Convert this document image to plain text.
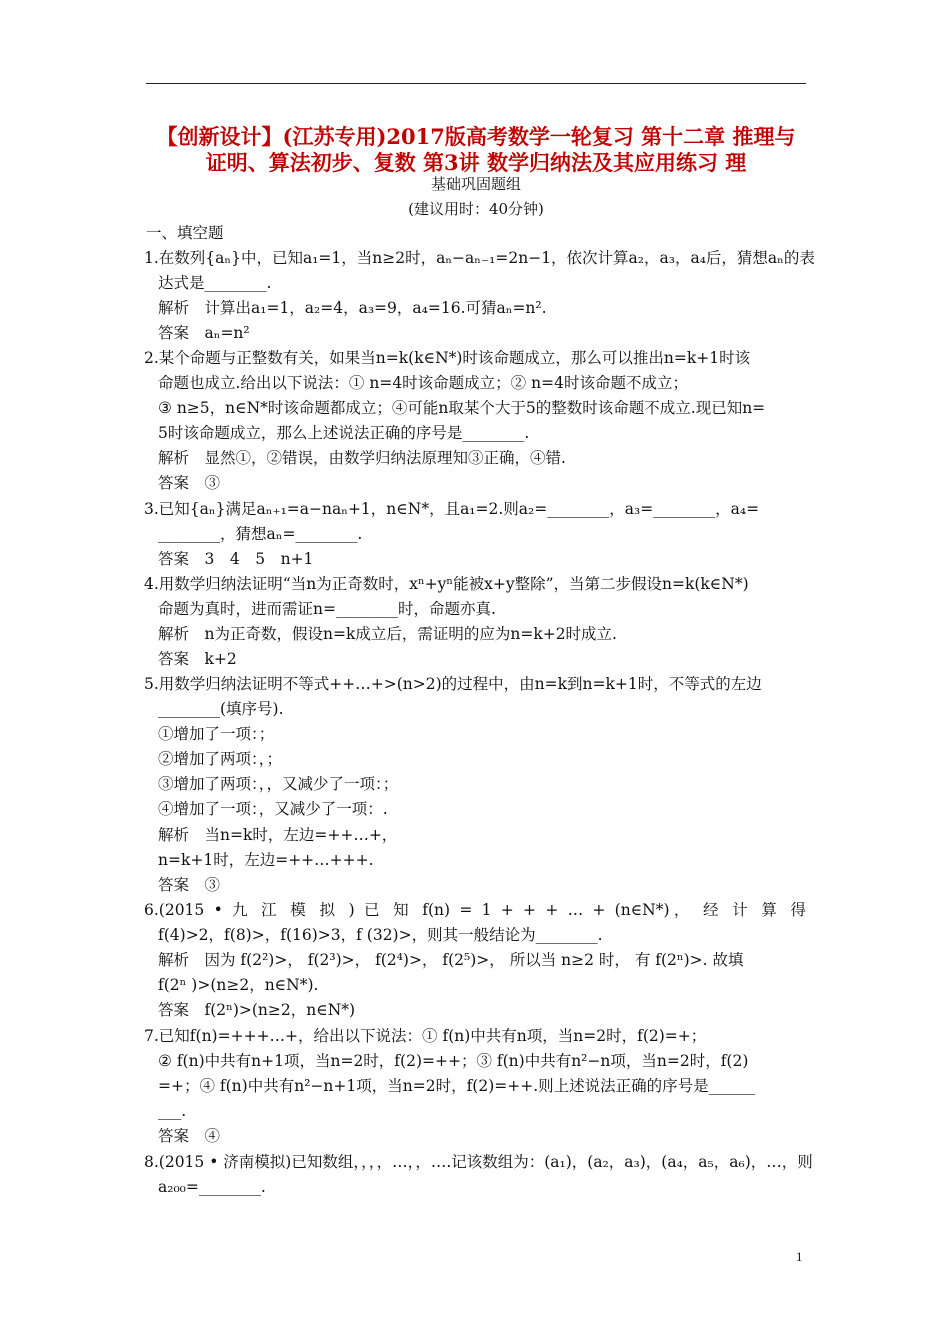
【创新设计】(江苏专用)2017版高考数学一轮复习 第十二章 推理与
证明、算法初步、复数 第3讲 数学归纳法及其应用练习 理
基础巩固题组
(建议用时：40分钟)
一、填空题
1.在数列{aₙ}中，已知a₁=1，当n≥2时，aₙ−aₙ₋₁=2n−1，依次计算a₂，a₃，a₄后，猜想aₙ的表
达式是________.
解析　计算出a₁=1，a₂=4，a₃=9，a₄=16.可猜aₙ=n².
答案　aₙ=n²
2.某个命题与正整数有关，如果当n=k(k∈N*)时该命题成立，那么可以推出n=k+1时该
命题也成立.给出以下说法：① n=4时该命题成立；② n=4时该命题不成立；
③ n≥5，n∈N*时该命题都成立；④可能n取某个大于5的整数时该命题不成立.现已知n=
5时该命题成立，那么上述说法正确的序号是________.
解析　显然①，②错误，由数学归纳法原理知③正确，④错.
答案　③
3.已知{aₙ}满足aₙ₊₁=a−naₙ+1，n∈N*，且a₁=2.则a₂=________，a₃=________，a₄=
________，猜想aₙ=________.
答案　3　4　5　n+1
4.用数学归纳法证明“当n为正奇数时，xⁿ+yⁿ能被x+y整除”，当第二步假设n=k(k∈N*)
命题为真时，进而需证n=________时，命题亦真.
解析　n为正奇数，假设n=k成立后，需证明的应为n=k+2时成立.
答案　k+2
5.用数学归纳法证明不等式++…+>(n>2)的过程中，由n=k到n=k+1时，不等式的左边
________(填序号).
①增加了一项：；
②增加了两项：，；
③增加了两项：，，又减少了一项：；
④增加了一项：，又减少了一项：.
解析　当n=k时，左边=++…+，
n=k+1时，左边=++…+++.
答案　③
6.(2015 • 九 江 模 拟 ) 已 知 f(n) = 1 + + + … + (n∈N*)， 经 计 算 得
f(4)>2，f(8)>，f(16)>3，f (32)>，则其一般结论为________.
解析　因为 f(2²)>， f(2³)>， f(2⁴)>， f(2⁵)>， 所以当 n≥2 时， 有 f(2ⁿ)>. 故填
f(2ⁿ )>(n≥2，n∈N*).
答案　f(2ⁿ)>(n≥2，n∈N*)
7.已知f(n)=+++…+，给出以下说法：① f(n)中共有n项，当n=2时，f(2)=+；
② f(n)中共有n+1项，当n=2时，f(2)=++；③ f(n)中共有n²−n项，当n=2时，f(2)
=+；④ f(n)中共有n²−n+1项，当n=2时，f(2)=++.则上述说法正确的序号是______
___.
答案　④
8.(2015 • 济南模拟)已知数组，，，，…，，….记该数组为：(a₁)，(a₂，a₃)，(a₄，a₅，a₆)，…，则
a₂₀₀=________.
1
